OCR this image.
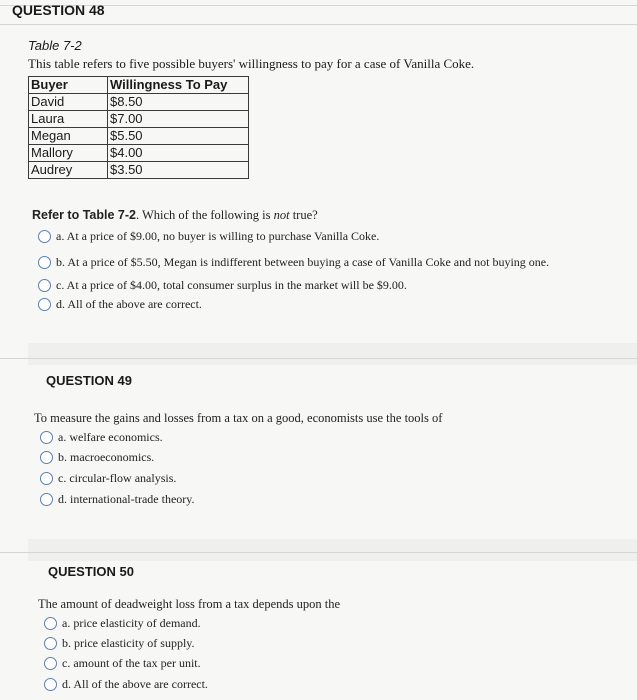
QUESTION 48
Table 7-2
This table refers to five possible buyers' willingness to pay for a case of Vanilla Coke.
Buyer	Willingness To Pay
David	$8.50
Laura	$7.00
Megan	$5.50
Mallory	$4.00
Audrey	$3.50
Refer to Table 7-2. Which of the following is not true?
a. At a price of $9.00, no buyer is willing to purchase Vanilla Coke.
b. At a price of $5.50, Megan is indifferent between buying a case of Vanilla Coke and not buying one.
c. At a price of $4.00, total consumer surplus in the market will be $9.00.
d. All of the above are correct.
QUESTION 49
To measure the gains and losses from a tax on a good, economists use the tools of
a. welfare economics.
b. macroeconomics.
c. circular-flow analysis.
d. international-trade theory.
QUESTION 50
The amount of deadweight loss from a tax depends upon the
a. price elasticity of demand.
b. price elasticity of supply.
c. amount of the tax per unit.
d. All of the above are correct.
